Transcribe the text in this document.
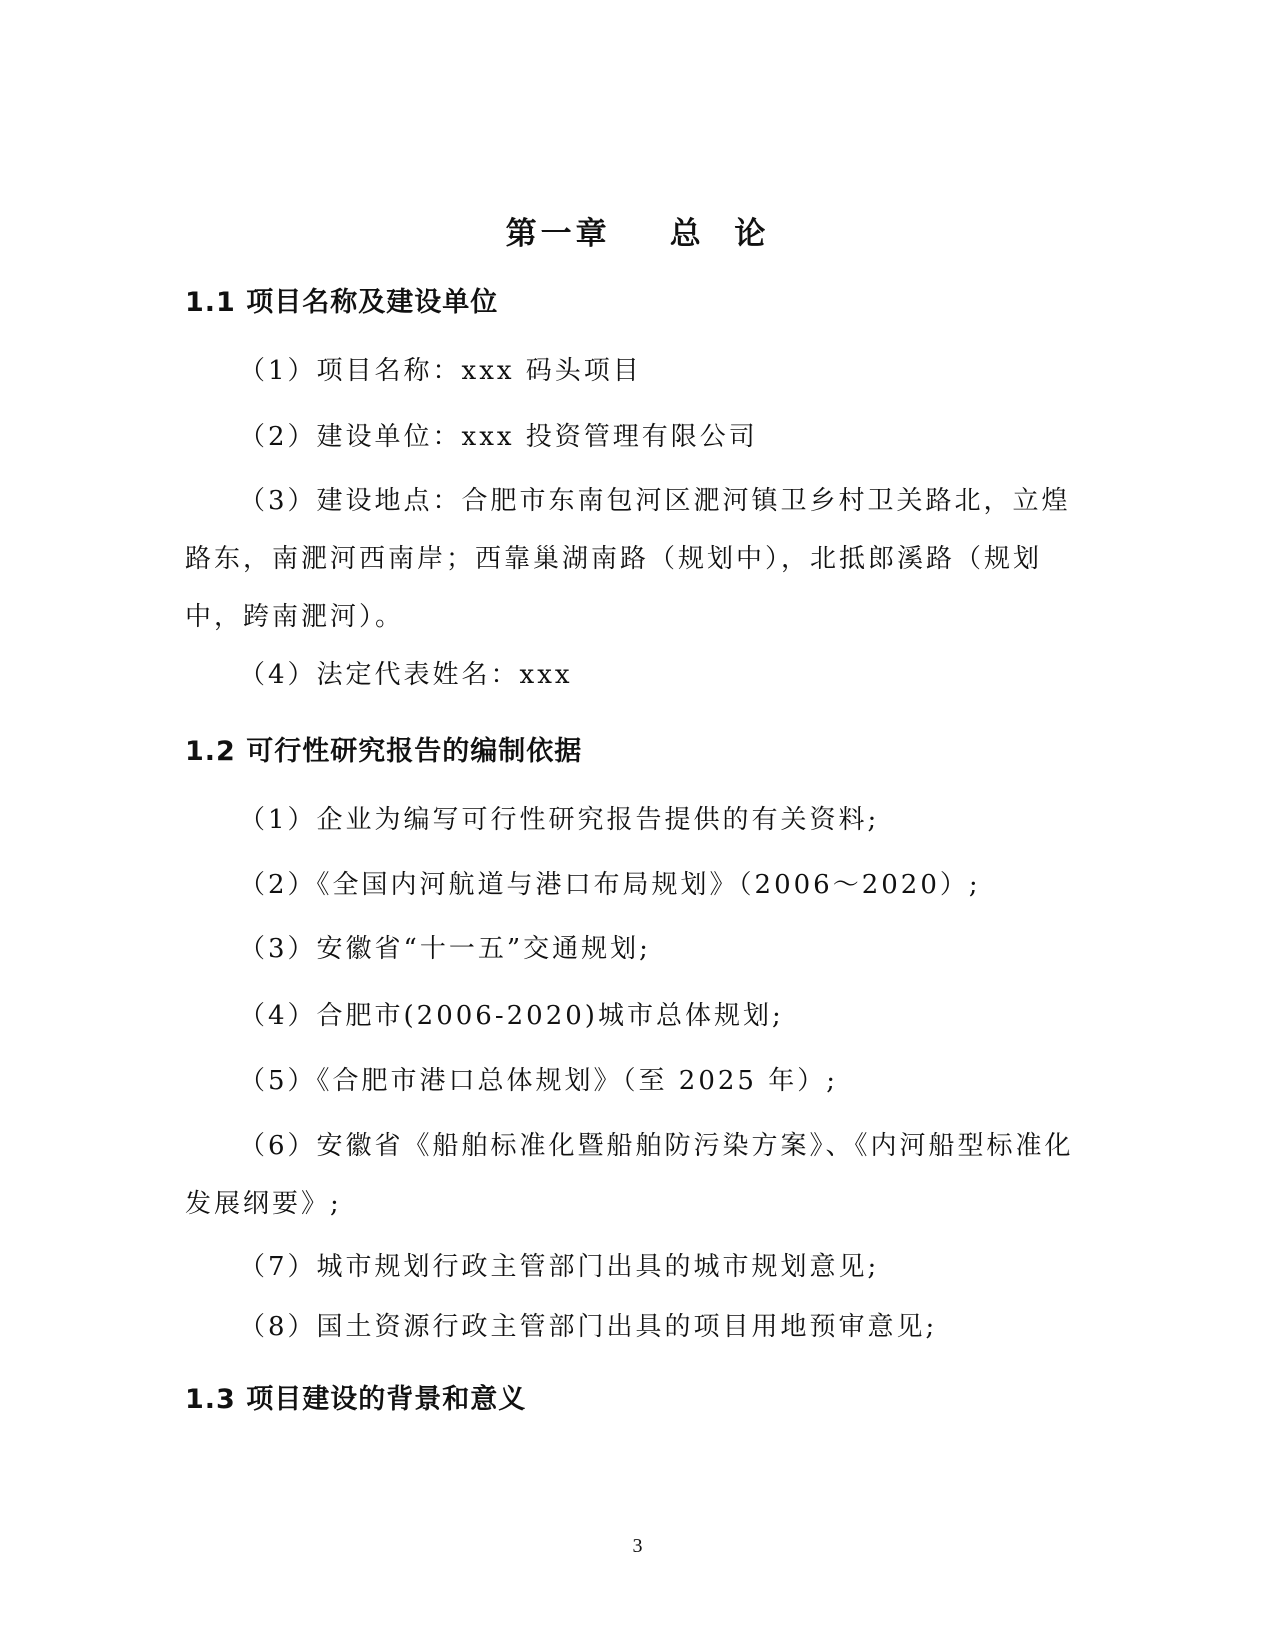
第一章    总  论
1.1 项目名称及建设单位
（1）项目名称：xxx 码头项目
（2）建设单位：xxx 投资管理有限公司
（3）建设地点：合肥市东南包河区淝河镇卫乡村卫关路北，立煌路东，南淝河西南岸；西靠巢湖南路（规划中），北抵郎溪路（规划中，跨南淝河）。
（4）法定代表姓名：xxx
1.2 可行性研究报告的编制依据
（1）企业为编写可行性研究报告提供的有关资料;
（2）《全国内河航道与港口布局规划》（2006～2020）;
（3）安徽省“十一五”交通规划;
（4）合肥市(2006-2020)城市总体规划;
（5）《合肥市港口总体规划》（至 2025 年）;
（6）安徽省《船舶标准化暨船舶防污染方案》、《内河船型标准化发展纲要》;
（7）城市规划行政主管部门出具的城市规划意见;
（8）国土资源行政主管部门出具的项目用地预审意见;
1.3 项目建设的背景和意义
3
